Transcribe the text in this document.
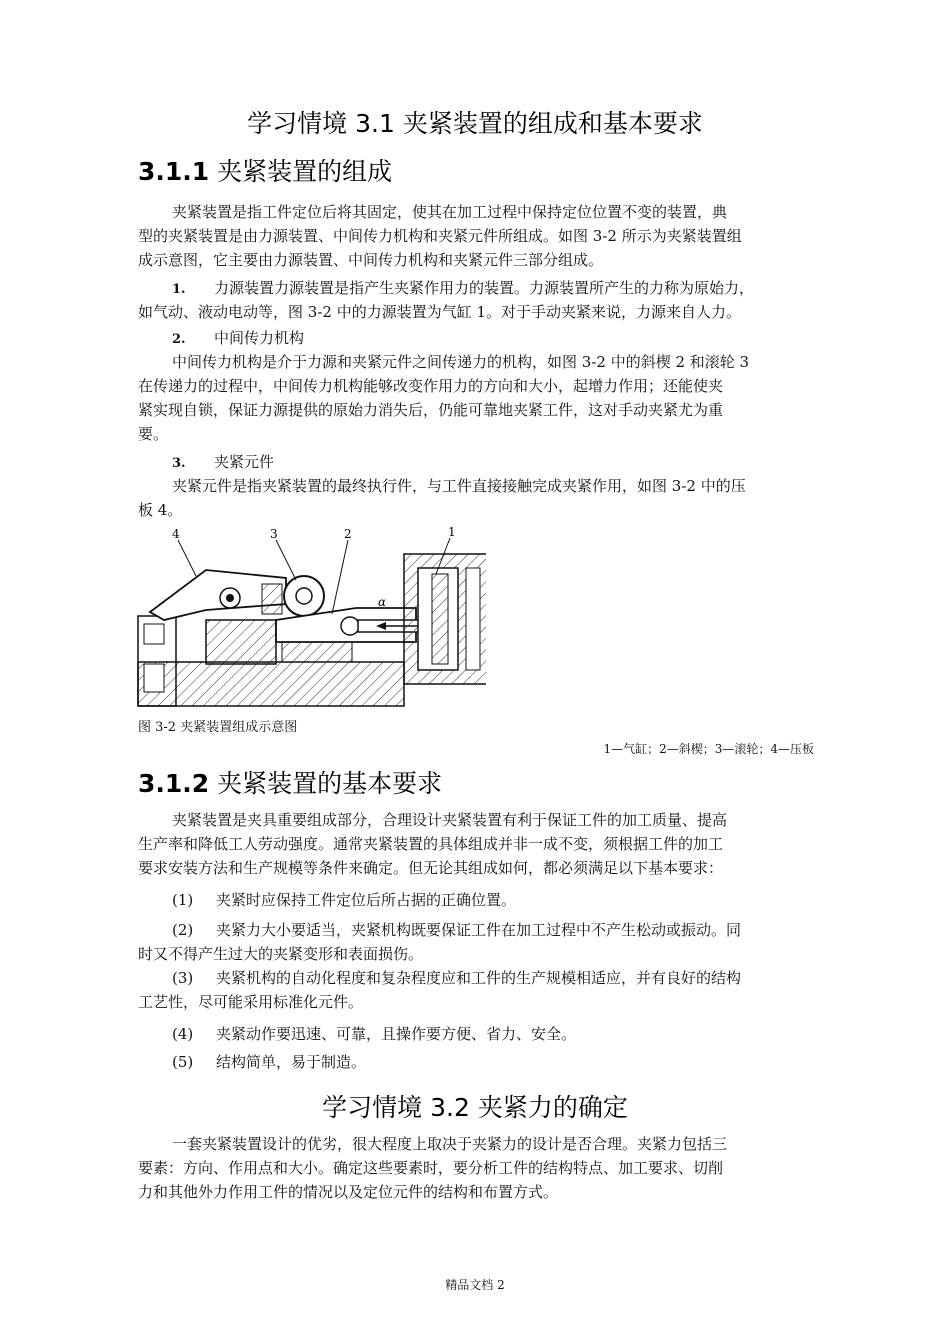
学习情境 3.1 夹紧装置的组成和基本要求
3.1.1 夹紧装置的组成
夹紧装置是指工件定位后将其固定，使其在加工过程中保持定位位置不变的装置，典
型的夹紧装置是由力源装置、中间传力机构和夹紧元件所组成。如图 3-2 所示为夹紧装置组
成示意图，它主要由力源装置、中间传力机构和夹紧元件三部分组成。
1. 力源装置力源装置是指产生夹紧作用力的装置。力源装置所产生的力称为原始力，
如气动、液动电动等，图 3-2 中的力源装置为气缸 1。对于手动夹紧来说，力源来自人力。
2. 中间传力机构
中间传力机构是介于力源和夹紧元件之间传递力的机构，如图 3-2 中的斜楔 2 和滚轮 3
在传递力的过程中，中间传力机构能够改变作用力的方向和大小，起增力作用；还能使夹
紧实现自锁，保证力源提供的原始力消失后，仍能可靠地夹紧工件，这对手动夹紧尤为重
要。
3. 夹紧元件
夹紧元件是指夹紧装置的最终执行件，与工件直接接触完成夹紧作用，如图 3-2 中的压
板 4。
4	3	2	1
α
图 3-2 夹紧装置组成示意图
1—气缸；2—斜楔；3—滚轮；4—压板
3.1.2 夹紧装置的基本要求
夹紧装置是夹具重要组成部分，合理设计夹紧装置有利于保证工件的加工质量、提高
生产率和降低工人劳动强度。通常夹紧装置的具体组成并非一成不变，须根据工件的加工
要求安装方法和生产规模等条件来确定。但无论其组成如何，都必须满足以下基本要求：
(1) 夹紧时应保持工件定位后所占据的正确位置。
(2) 夹紧力大小要适当，夹紧机构既要保证工件在加工过程中不产生松动或振动。同
时又不得产生过大的夹紧变形和表面损伤。
(3) 夹紧机构的自动化程度和复杂程度应和工件的生产规模相适应，并有良好的结构
工艺性，尽可能采用标准化元件。
(4) 夹紧动作要迅速、可靠，且操作要方便、省力、安全。
(5) 结构简单，易于制造。
学习情境 3.2 夹紧力的确定
一套夹紧装置设计的优劣，很大程度上取决于夹紧力的设计是否合理。夹紧力包括三
要素：方向、作用点和大小。确定这些要素时，要分析工件的结构特点、加工要求、切削
力和其他外力作用工件的情况以及定位元件的结构和布置方式。
精品文档 2
